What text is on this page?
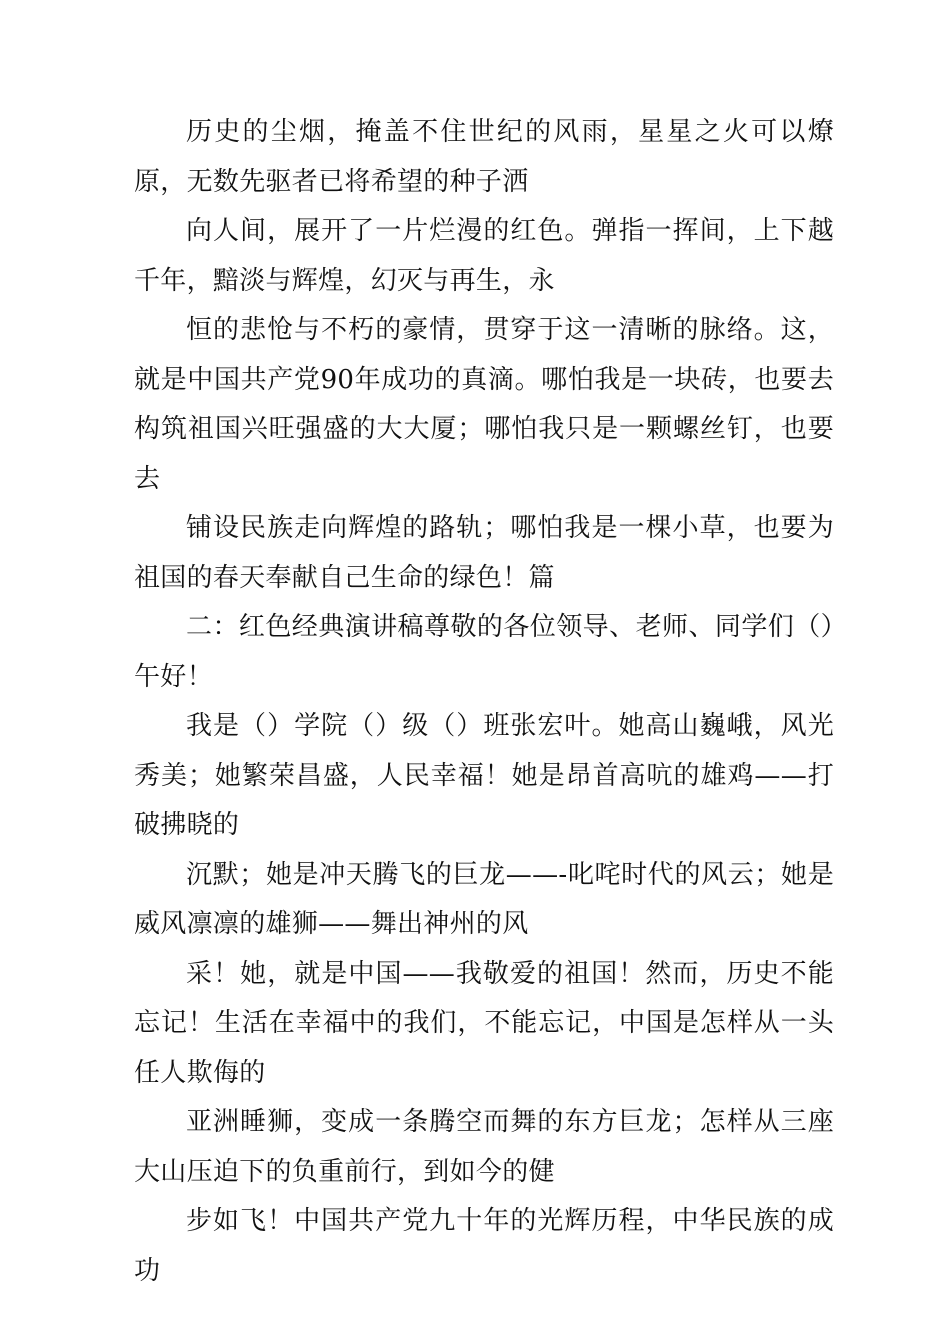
历史的尘烟，掩盖不住世纪的风雨，星星之火可以燎原，无数先驱者已将希望的种子洒

向人间，展开了一片烂漫的红色。弹指一挥间，上下越千年，黯淡与辉煌，幻灭与再生，永

恒的悲怆与不朽的豪情，贯穿于这一清晰的脉络。这，就是中国共产党90年成功的真滴。哪怕我是一块砖，也要去构筑祖国兴旺强盛的大大厦；哪怕我只是一颗螺丝钉，也要去

铺设民族走向辉煌的路轨；哪怕我是一棵小草，也要为祖国的春天奉献自己生命的绿色！篇

二：红色经典演讲稿尊敬的各位领导、老师、同学们（）午好！

我是（）学院（）级（）班张宏叶。她高山巍峨，风光秀美；她繁荣昌盛，人民幸福！她是昂首高吭的雄鸡——打破拂晓的

沉默；她是冲天腾飞的巨龙——-叱咤时代的风云；她是威风凛凛的雄狮——舞出神州的风

采！她，就是中国——我敬爱的祖国！然而，历史不能忘记！生活在幸福中的我们，不能忘记，中国是怎样从一头任人欺侮的

亚洲睡狮，变成一条腾空而舞的东方巨龙；怎样从三座大山压迫下的负重前行，到如今的健

步如飞！中国共产党九十年的光辉历程，中华民族的成功
